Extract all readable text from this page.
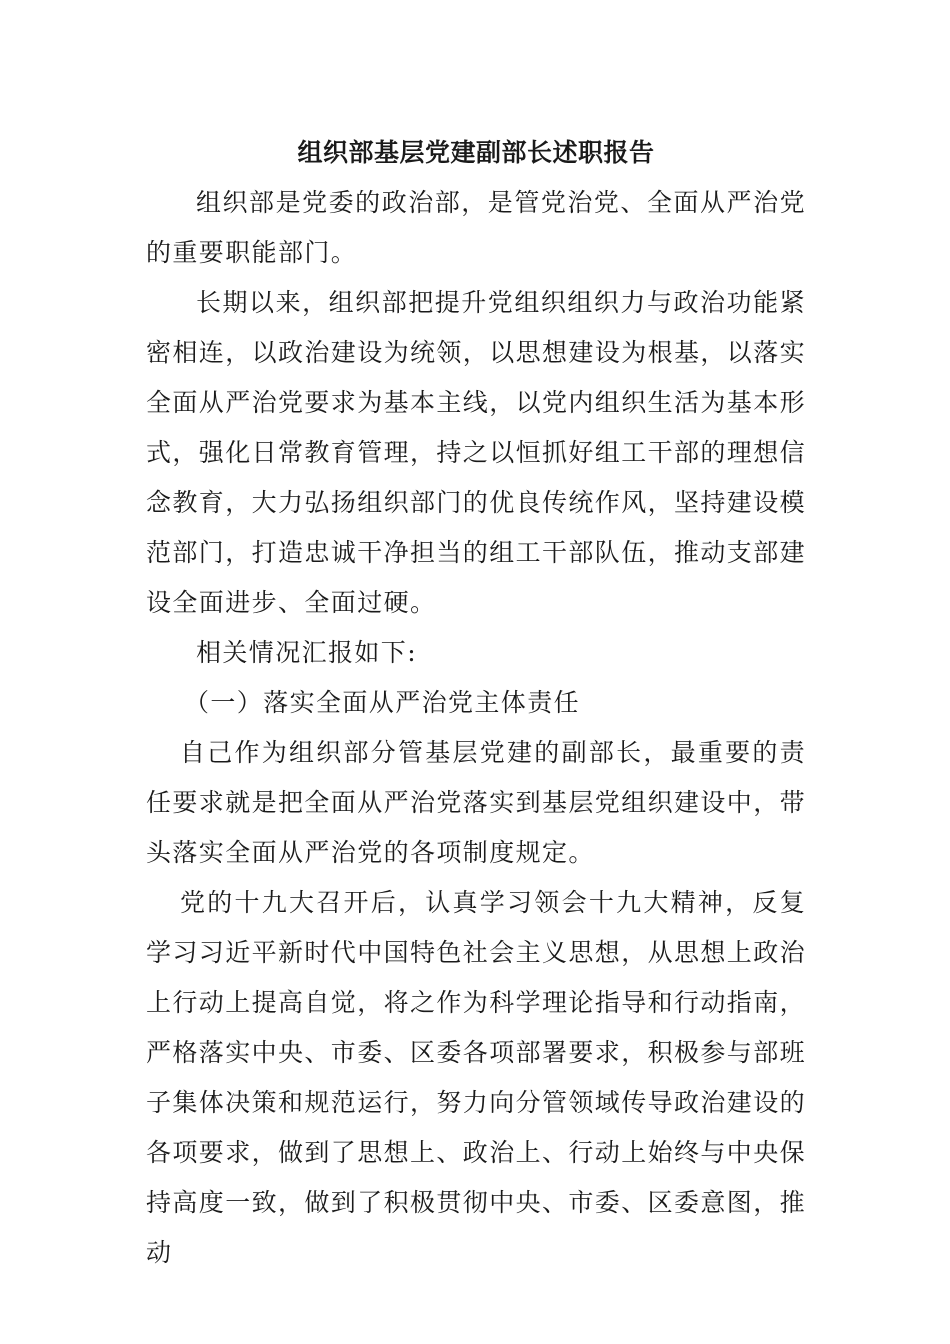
组织部基层党建副部长述职报告

组织部是党委的政治部，是管党治党、全面从严治党的重要职能部门。

长期以来，组织部把提升党组织组织力与政治功能紧密相连，以政治建设为统领，以思想建设为根基，以落实全面从严治党要求为基本主线，以党内组织生活为基本形式，强化日常教育管理，持之以恒抓好组工干部的理想信念教育，大力弘扬组织部门的优良传统作风，坚持建设模范部门，打造忠诚干净担当的组工干部队伍，推动支部建设全面进步、全面过硬。

相关情况汇报如下:

（一）落实全面从严治党主体责任

自己作为组织部分管基层党建的副部长，最重要的责任要求就是把全面从严治党落实到基层党组织建设中，带头落实全面从严治党的各项制度规定。

党的十九大召开后，认真学习领会十九大精神，反复学习习近平新时代中国特色社会主义思想，从思想上政治上行动上提高自觉，将之作为科学理论指导和行动指南，严格落实中央、市委、区委各项部署要求，积极参与部班子集体决策和规范运行，努力向分管领域传导政治建设的各项要求，做到了思想上、政治上、行动上始终与中央保持高度一致，做到了积极贯彻中央、市委、区委意图，推动
